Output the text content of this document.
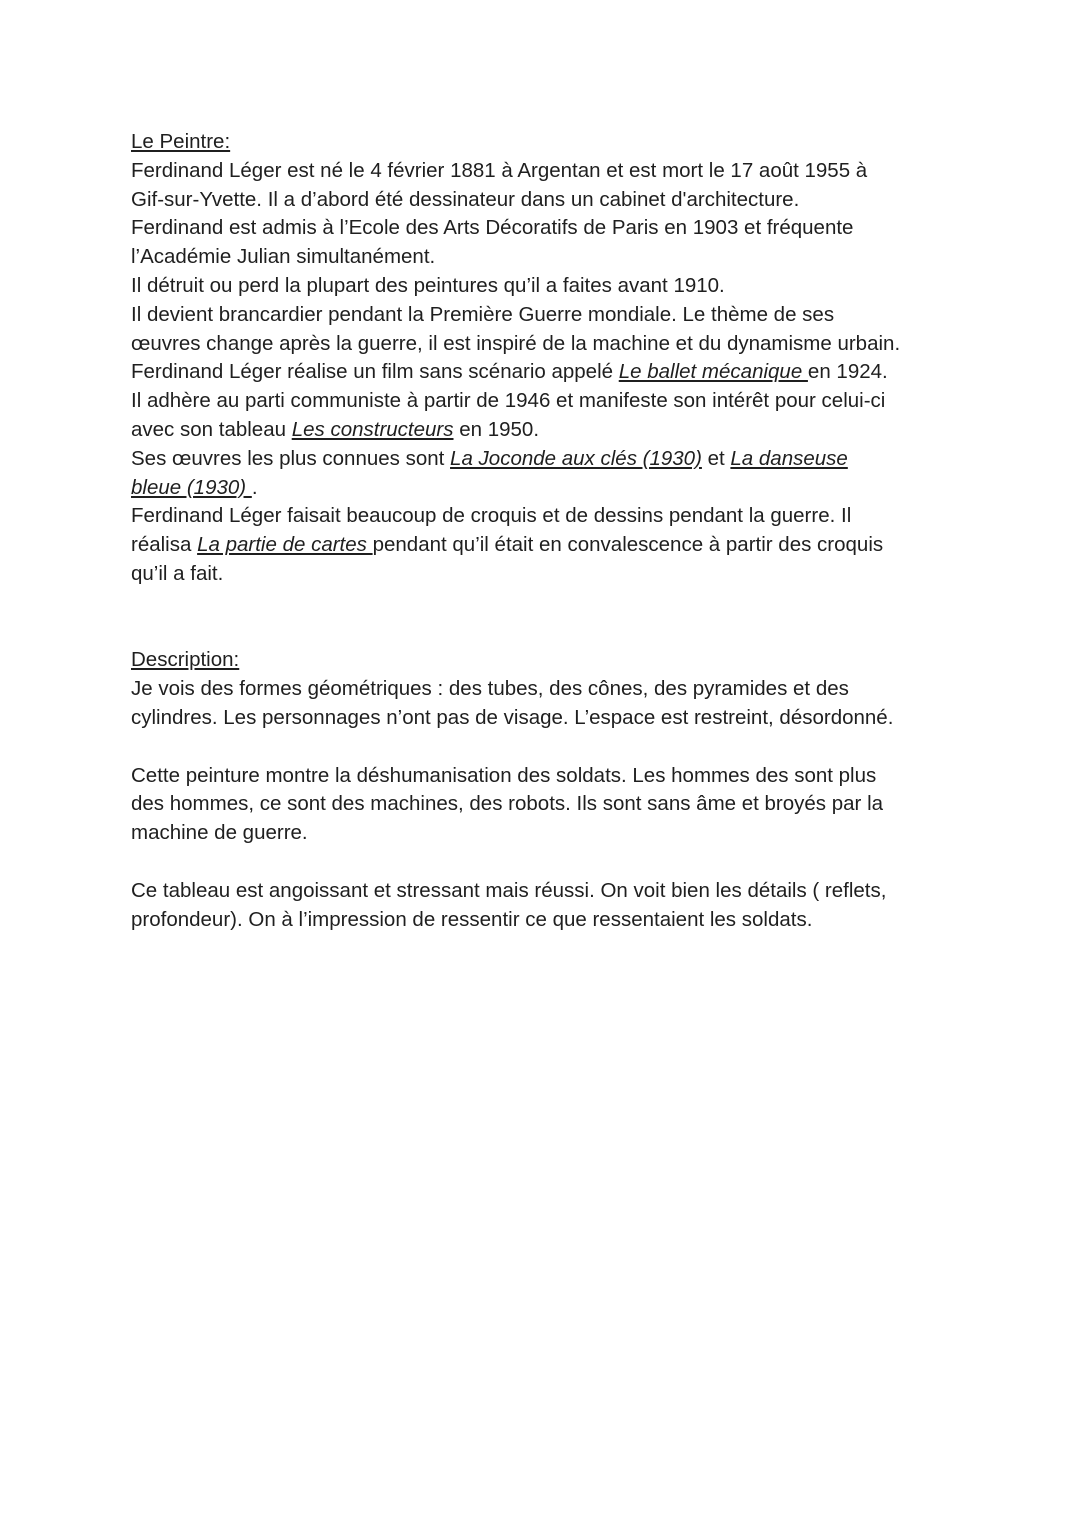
Le Peintre:

Ferdinand Léger est né le 4 février 1881 à Argentan et est mort le 17 août 1955 à

Gif-sur-Yvette. Il a d’abord été dessinateur dans un cabinet d'architecture.

Ferdinand est admis à l’Ecole des Arts Décoratifs de Paris en 1903 et fréquente

l’Académie Julian simultanément.

Il détruit ou perd la plupart des peintures qu’il a faites avant 1910.

Il devient brancardier pendant la Première Guerre mondiale. Le thème de ses

œuvres change après la guerre, il est inspiré de la machine et du dynamisme urbain.

Ferdinand Léger réalise un film sans scénario appelé Le ballet mécanique en 1924.

Il adhère au parti communiste à partir de 1946 et manifeste son intérêt pour celui-ci

avec son tableau Les constructeurs en 1950.

Ses œuvres les plus connues sont La Joconde aux clés (1930) et La danseuse

bleue (1930) .

Ferdinand Léger faisait beaucoup de croquis et de dessins pendant la guerre. Il

réalisa La partie de cartes pendant qu’il était en convalescence à partir des croquis

qu’il a fait.

Description:

Je vois des formes géométriques : des tubes, des cônes, des pyramides et des

cylindres. Les personnages n’ont pas de visage. L’espace est restreint, désordonné.

Cette peinture montre la déshumanisation des soldats. Les hommes des sont plus

des hommes, ce sont des machines, des robots. Ils sont sans âme et broyés par la

machine de guerre.

Ce tableau est angoissant et stressant mais réussi. On voit bien les détails ( reflets,

profondeur). On à l’impression de ressentir ce que ressentaient les soldats.
